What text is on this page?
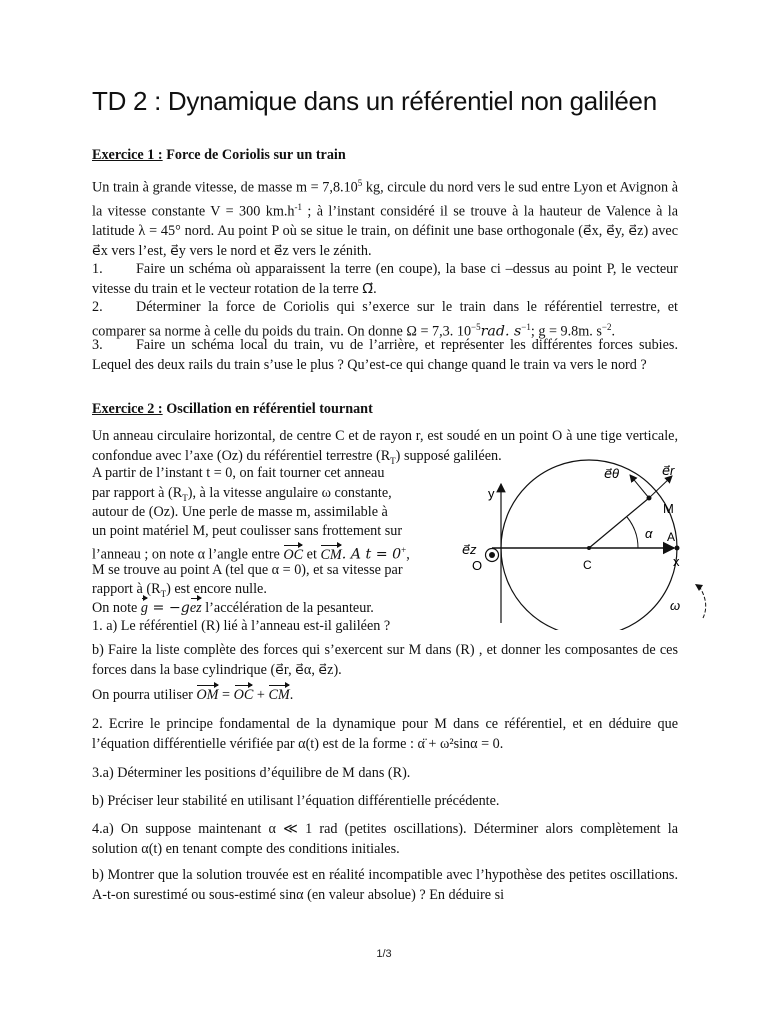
TD 2 : Dynamique dans un référentiel non galiléen
Exercice 1 : Force de Coriolis sur un train
Un train à grande vitesse, de masse $m = 7,8.10^5$ kg, circule du nord vers le sud entre Lyon et Avignon à la vitesse constante V = 300 $km.h^{-1}$ ; à l’instant considéré il se trouve à la hauteur de Valence à la latitude λ = 45° nord. Au point P où se situe le train, on définit une base orthogonale (e⃗x, e⃗y, e⃗z) avec e⃗x vers l’est, e⃗y vers le nord et e⃗z vers le zénith.
1. Faire un schéma où apparaissent la terre (en coupe), la base ci –dessus au point P, le vecteur vitesse du train et le vecteur rotation de la terre Ω⃗.
2. Déterminer la force de Coriolis qui s’exerce sur le train dans le référentiel terrestre, et comparer sa norme à celle du poids du train. On donne Ω = 7,3. $10^{-5}rad$. $s^{-1}$; g = 9.8m. $s^{-2}$.
3. Faire un schéma local du train, vu de l’arrière, et représenter les différentes forces subies. Lequel des deux rails du train s’use le plus ? Qu’est-ce qui change quand le train va vers le nord ?
Exercice 2 : Oscillation en référentiel tournant
Un anneau circulaire horizontal, de centre C et de rayon r, est soudé en un point O à une tige verticale, confondue avec l’axe (Oz) du référentiel terrestre $(R_T)$ supposé galiléen.
A partir de l’instant t = 0, on fait tourner cet anneau
par rapport à $(R_T)$, à la vitesse angulaire ω constante,
autour de (Oz). Une perle de masse m, assimilable à
un point matériel M, peut coulisser sans frottement sur
l’anneau ; on note α l’angle entre OC et CM. A t = 0+,
M se trouve au point A (tel que α = 0), et sa vitesse par
rapport à $(R_T)$ est encore nulle.
On note g = −gez l’accélération de la pesanteur.
1. a) Le référentiel (R) lié à l’anneau est-il galiléen ?
y
x
O	C
A
M
α
ω
e⃗z
e⃗θ	e⃗r
b) Faire la liste complète des forces qui s’exercent sur M dans (R) , et donner les composantes de ces forces dans la base cylindrique (e⃗r, e⃗α, e⃗z).
On pourra utiliser OM = OC + CM.
2. Ecrire le principe fondamental de la dynamique pour M dans ce référentiel, et en déduire que l’équation différentielle vérifiée par α(t) est de la forme : α̈ + ω²sinα = 0.
3.a) Déterminer les positions d’équilibre de M dans (R).
b) Préciser leur stabilité en utilisant l’équation différentielle précédente.
4.a) On suppose maintenant α ≪ 1 rad (petites oscillations). Déterminer alors complètement la solution α(t) en tenant compte des conditions initiales.
b) Montrer que la solution trouvée est en réalité incompatible avec l’hypothèse des petites oscillations. A-t-on surestimé ou sous-estimé sinα (en valeur absolue) ? En déduire si
1/3
